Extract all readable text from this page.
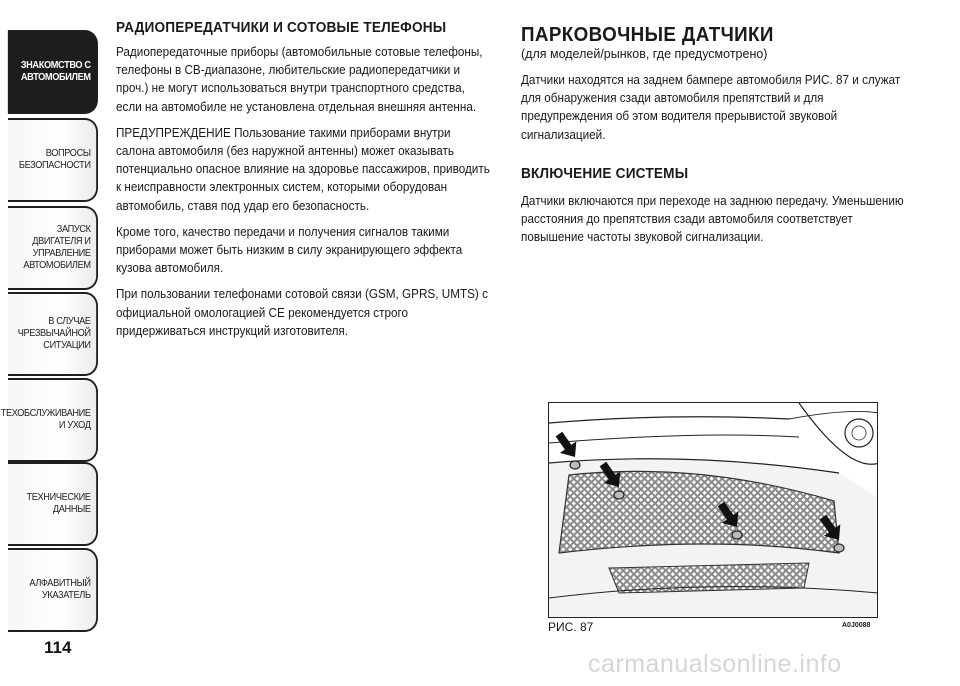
ЗНАКОМСТВО С
АВТОМОБИЛЕМ
ВОПРОСЫ
БЕЗОПАСНОСТИ
ЗАПУСК ДВИГАТЕЛЯ И
УПРАВЛЕНИЕ
АВТОМОБИЛЕМ
В СЛУЧАЕ
ЧРЕЗВЫЧАЙНОЙ
СИТУАЦИИ
ТЕХОБСЛУЖИВАНИЕ
И УХОД
ТЕХНИЧЕСКИЕ
ДАННЫЕ
АЛФАВИТНЫЙ
УКАЗАТЕЛЬ
114
РАДИОПЕРЕДАТЧИКИ И СОТОВЫЕ ТЕЛЕФОНЫ

Радиопередаточные приборы (автомобильные сотовые телефоны, телефоны в CB-диапазоне, любительские радиопередатчики и проч.) не могут использоваться внутри транспортного средства, если на автомобиле не установлена отдельная внешняя антенна.

ПРЕДУПРЕЖДЕНИЕ Пользование такими приборами внутри салона автомобиля (без наружной антенны) может оказывать потенциально опасное влияние на здоровье пассажиров, приводить к неисправности электронных систем, которыми оборудован автомобиль, ставя под удар его безопасность.

Кроме того, качество передачи и получения сигналов такими приборами может быть низким в силу экранирующего эффекта кузова автомобиля.

При пользовании телефонами сотовой связи (GSM, GPRS, UMTS) с официальной омологацией CE рекомендуется строго придерживаться инструкций изготовителя.

ПАРКОВОЧНЫЕ ДАТЧИКИ
(для моделей/рынков, где предусмотрено)

Датчики находятся на заднем бампере автомобиля РИС. 87 и служат для обнаружения сзади автомобиля препятствий и для предупреждения об этом водителя прерывистой звуковой сигнализацией.

ВКЛЮЧЕНИЕ СИСТЕМЫ

Датчики включаются при переходе на заднюю передачу. Уменьшению расстояния до препятствия сзади автомобиля соответствует повышение частоты звуковой сигнализации.

РИС. 87	A0J0088
carmanualsonline.info
